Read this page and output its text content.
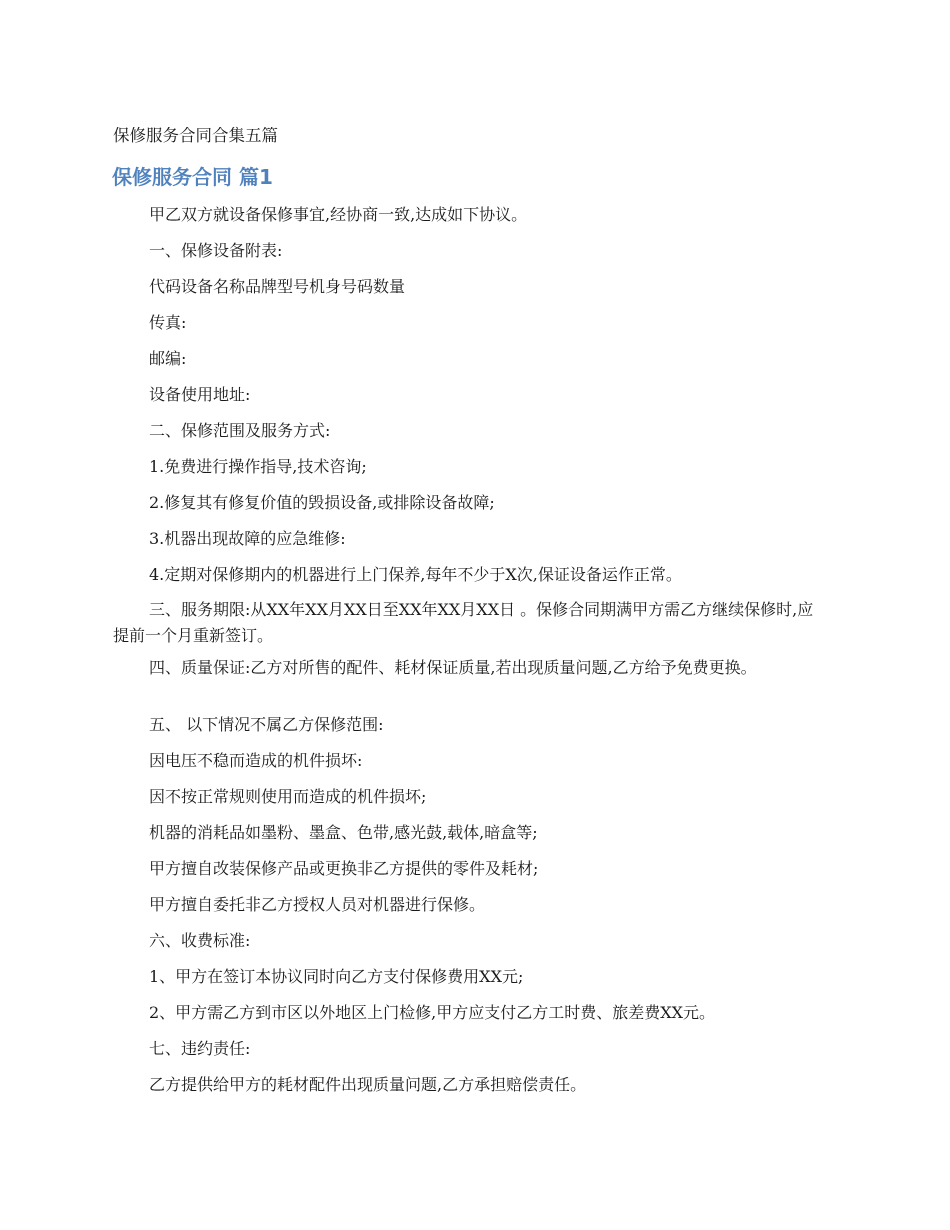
保修服务合同合集五篇
保修服务合同 篇1
甲乙双方就设备保修事宜,经协商一致,达成如下协议。
一、保修设备附表:
代码设备名称品牌型号机身号码数量
传真:
邮编:
设备使用地址:
二、保修范围及服务方式:
1.免费进行操作指导,技术咨询;
2.修复其有修复价值的毁损设备,或排除设备故障;
3.机器出现故障的应急维修:
4.定期对保修期内的机器进行上门保养,每年不少于X次,保证设备运作正常。
三、服务期限:从XX年XX月XX日至XX年XX月XX日 。保修合同期满甲方需乙方继续保修时,应提前一个月重新签订。
四、质量保证:乙方对所售的配件、耗材保证质量,若出现质量问题,乙方给予免费更换。
五、 以下情况不属乙方保修范围:
因电压不稳而造成的机件损坏:
因不按正常规则使用而造成的机件损坏;
机器的消耗品如墨粉、墨盒、色带,感光鼓,载体,暗盒等;
甲方擅自改装保修产品或更换非乙方提供的零件及耗材;
甲方擅自委托非乙方授权人员对机器进行保修。
六、收费标准:
1、甲方在签订本协议同时向乙方支付保修费用XX元;
2、甲方需乙方到市区以外地区上门检修,甲方应支付乙方工时费、旅差费XX元。
七、违约责任:
乙方提供给甲方的耗材配件出现质量问题,乙方承担赔偿责任。
